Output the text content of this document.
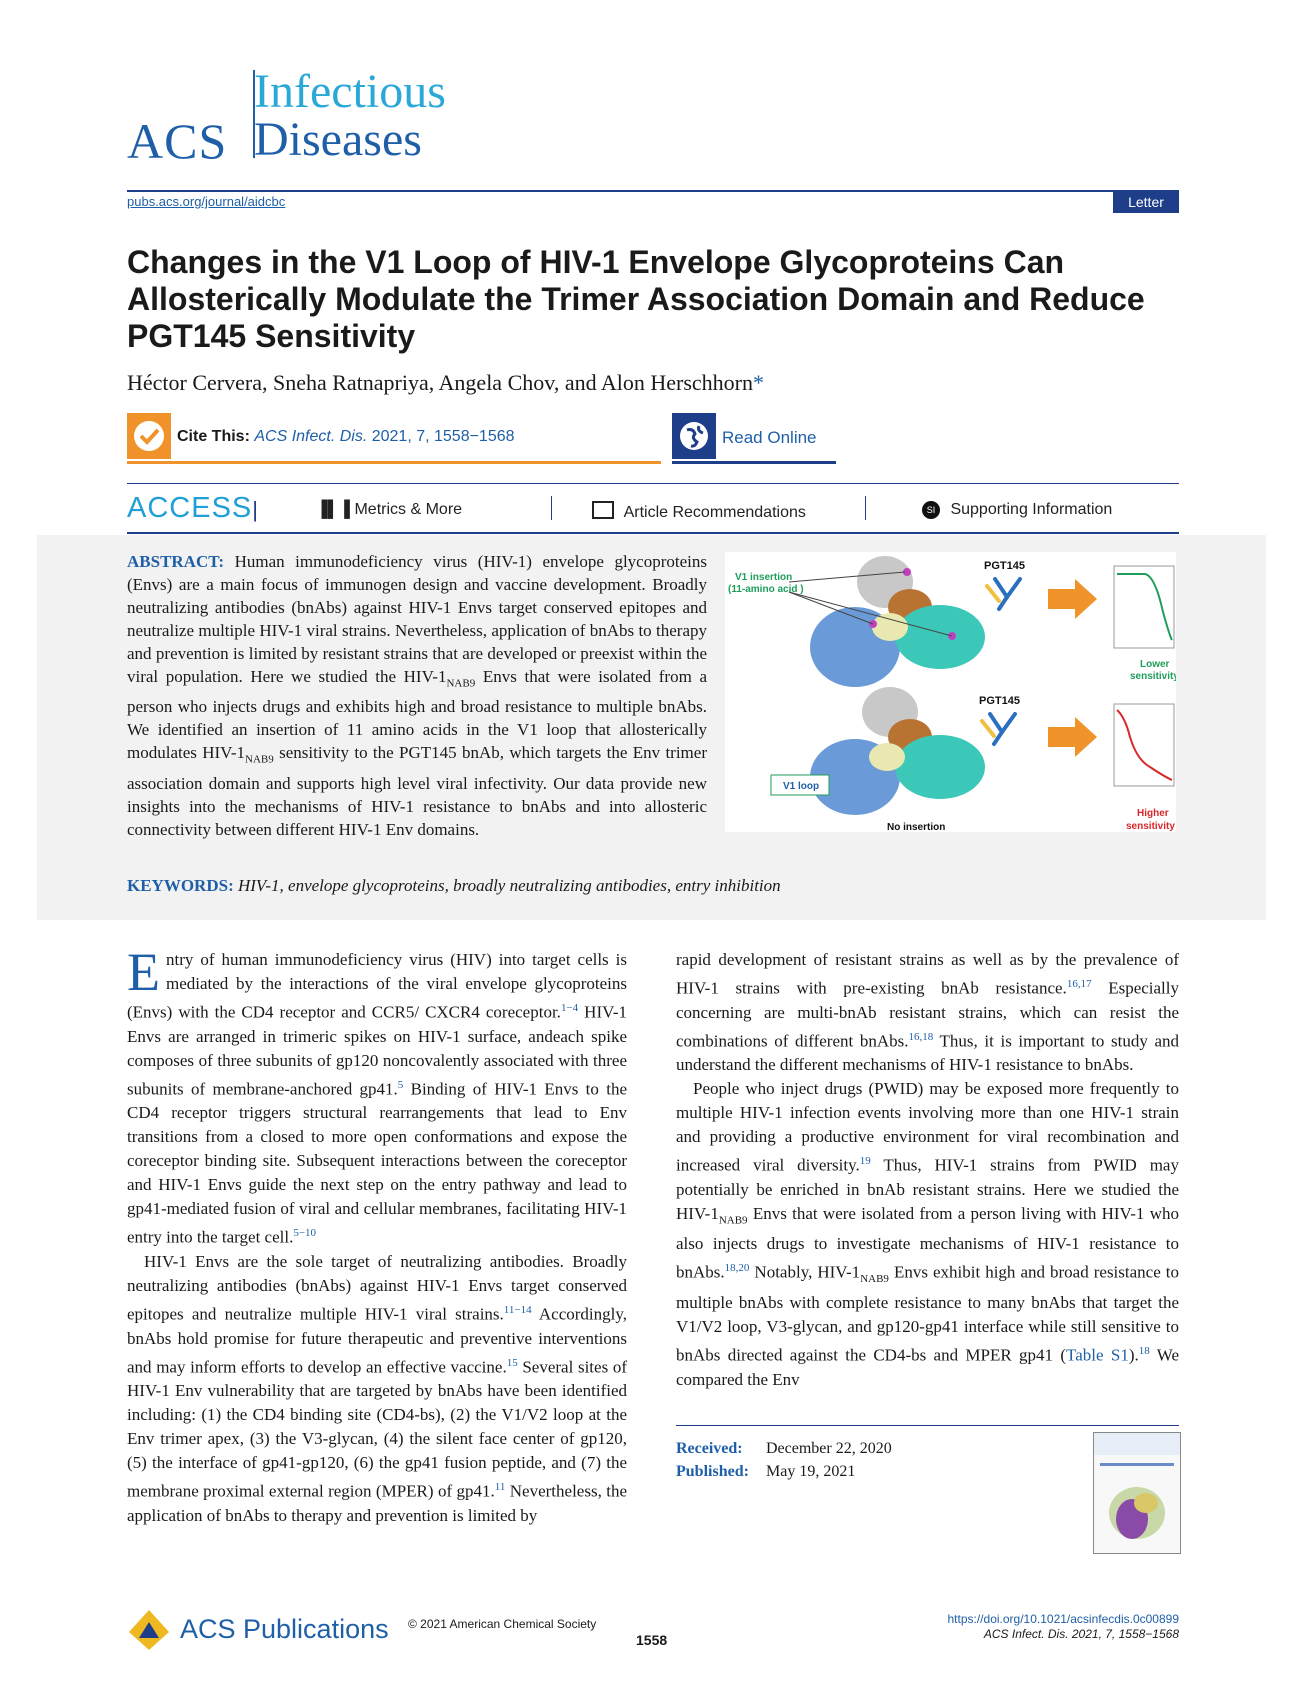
ACS
Infectious
Diseases
pubs.acs.org/journal/aidcbc	Letter
Changes in the V1 Loop of HIV-1 Envelope Glycoproteins Can Allosterically Modulate the Trimer Association Domain and Reduce PGT145 Sensitivity
Héctor Cervera, Sneha Ratnapriya, Angela Chov, and Alon Herschhorn*
Cite This: ACS Infect. Dis. 2021, 7, 1558−1568	Read Online
ACCESS|	▐▌▐ Metrics & More	Article Recommendations	SI Supporting Information
ABSTRACT: Human immunodeficiency virus (HIV-1) envelope glycoproteins (Envs) are a main focus of immunogen design and vaccine development. Broadly neutralizing antibodies (bnAbs) against HIV-1 Envs target conserved epitopes and neutralize multiple HIV-1 viral strains. Nevertheless, application of bnAbs to therapy and prevention is limited by resistant strains that are developed or preexist within the viral population. Here we studied the HIV-$1_{NAB9}$ Envs that were isolated from a person who injects drugs and exhibits high and broad resistance to multiple bnAbs. We identified an insertion of 11 amino acids in the V1 loop that allosterically modulates HIV-$1_{NAB9}$ sensitivity to the PGT145 bnAb, which targets the Env trimer association domain and supports high level viral infectivity. Our data provide new insights into the mechanisms of HIV-1 resistance to bnAbs and into allosteric connectivity between different HIV-1 Env domains.
V1 insertion
(11-amino acid )
PGT145
Lower
sensitivity
PGT145
V1 loop
No insertion
Higher
sensitivity
KEYWORDS: HIV-1, envelope glycoproteins, broadly neutralizing antibodies, entry inhibition
Entry of human immunodeficiency virus (HIV) into target cells is mediated by the interactions of the viral envelope glycoproteins (Envs) with the CD4 receptor and CCR5/ CXCR4 coreceptor.$^{1-4}$ HIV-1 Envs are arranged in trimeric spikes on HIV-1 surface, andeach spike composes of three subunits of gp120 noncovalently associated with three subunits of membrane-anchored gp41.$^5$ Binding of HIV-1 Envs to the CD4 receptor triggers structural rearrangements that lead to Env transitions from a closed to more open conformations and expose the coreceptor binding site. Subsequent interactions between the coreceptor and HIV-1 Envs guide the next step on the entry pathway and lead to gp41-mediated fusion of viral and cellular membranes, facilitating HIV-1 entry into the target cell.$^{5-10}$
HIV-1 Envs are the sole target of neutralizing antibodies. Broadly neutralizing antibodies (bnAbs) against HIV-1 Envs target conserved epitopes and neutralize multiple HIV-1 viral strains.$^{11-14}$ Accordingly, bnAbs hold promise for future therapeutic and preventive interventions and may inform efforts to develop an effective vaccine.$^{15}$ Several sites of HIV-1 Env vulnerability that are targeted by bnAbs have been identified including: (1) the CD4 binding site (CD4-bs), (2) the V1/V2 loop at the Env trimer apex, (3) the V3-glycan, (4) the silent face center of gp120, (5) the interface of gp41-gp120, (6) the gp41 fusion peptide, and (7) the membrane proximal external region (MPER) of gp41.11 Nevertheless, the application of bnAbs to therapy and prevention is limited by
rapid development of resistant strains as well as by the prevalence of HIV-1 strains with pre-existing bnAb resistance.$^{16,17}$ Especially concerning are multi-bnAb resistant strains, which can resist the combinations of different bnAbs.$^{16,18}$ Thus, it is important to study and understand the different mechanisms of HIV-1 resistance to bnAbs.
People who inject drugs (PWID) may be exposed more frequently to multiple HIV-1 infection events involving more than one HIV-1 strain and providing a productive environment for viral recombination and increased viral diversity.$^{19}$ Thus, HIV-1 strains from PWID may potentially be enriched in bnAb resistant strains. Here we studied the HIV-$1_{NAB9}$ Envs that were isolated from a person living with HIV-1 who also injects drugs to investigate mechanisms of HIV-1 resistance to bnAbs.$^{18,20}$ Notably, HIV-$1_{NAB9}$ Envs exhibit high and broad resistance to multiple bnAbs with complete resistance to many bnAbs that target the V1/V2 loop, V3-glycan, and gp120-gp41 interface while still sensitive to bnAbs directed against the CD4-bs and MPER gp41 (Table S1).$^{18}$ We compared the Env
Received: December 22, 2020
Published: May 19, 2021
ACS Publications © 2021 American Chemical Society
1558
https://doi.org/10.1021/acsinfecdis.0c00899
ACS Infect. Dis. 2021, 7, 1558−1568
